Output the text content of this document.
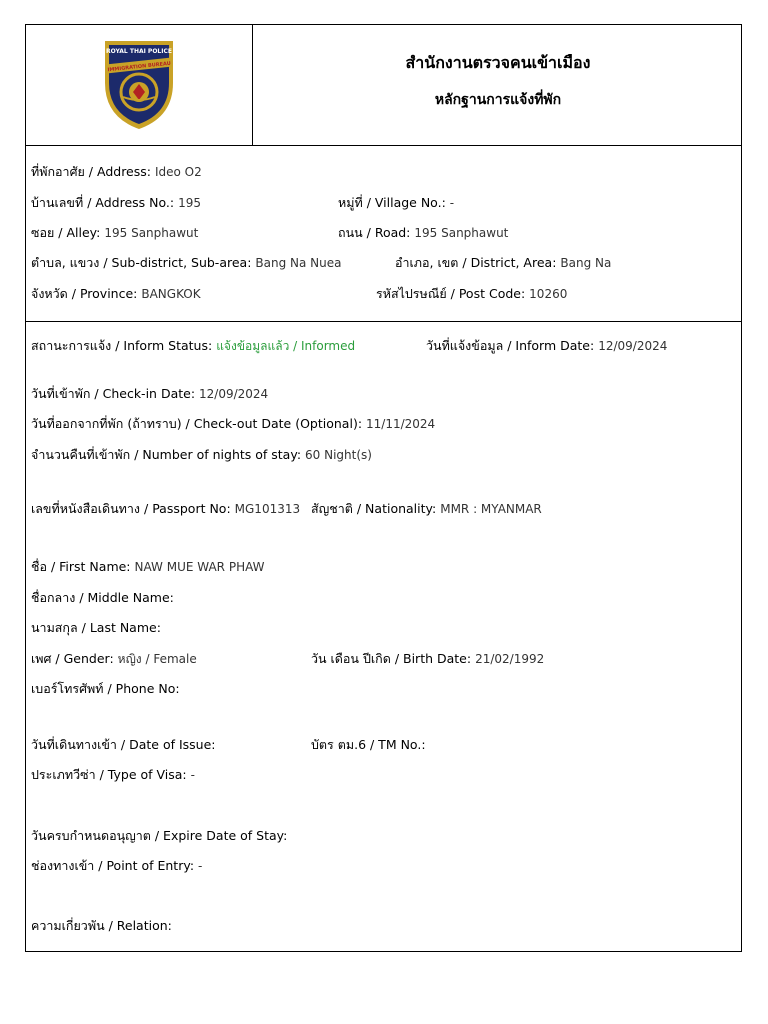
ROYAL THAI POLICE
IMMIGRATION BUREAU	สำนักงานตรวจคนเข้าเมือง
หลักฐานการแจ้งที่พัก
ที่พักอาศัย / Address: Ideo O2
บ้านเลขที่ / Address No.: 195	หมู่ที่ / Village No.: -
ซอย / Alley: 195 Sanphawut	ถนน / Road: 195 Sanphawut
ตำบล, แขวง / Sub-district, Sub-area: Bang Na Nuea	อำเภอ, เขต / District, Area: Bang Na
จังหวัด / Province: BANGKOK	รหัสไปรษณีย์ / Post Code: 10260
สถานะการแจ้ง / Inform Status: แจ้งข้อมูลแล้ว / Informed	วันที่แจ้งข้อมูล / Inform Date: 12/09/2024
วันที่เข้าพัก / Check-in Date: 12/09/2024
วันที่ออกจากที่พัก (ถ้าทราบ) / Check-out Date (Optional): 11/11/2024
จำนวนคืนที่เข้าพัก / Number of nights of stay: 60 Night(s)
เลขที่หนังสือเดินทาง / Passport No: MG101313 สัญชาติ / Nationality: MMR : MYANMAR
ชื่อ / First Name: NAW MUE WAR PHAW
ชื่อกลาง / Middle Name:
นามสกุล / Last Name:
เพศ / Gender: หญิง / Female	วัน เดือน ปีเกิด / Birth Date: 21/02/1992
เบอร์โทรศัพท์ / Phone No:
วันที่เดินทางเข้า / Date of Issue:	บัตร ตม.6 / TM No.:
ประเภทวีซ่า / Type of Visa: -
วันครบกำหนดอนุญาต / Expire Date of Stay:
ช่องทางเข้า / Point of Entry: -
ความเกี่ยวพัน / Relation:
